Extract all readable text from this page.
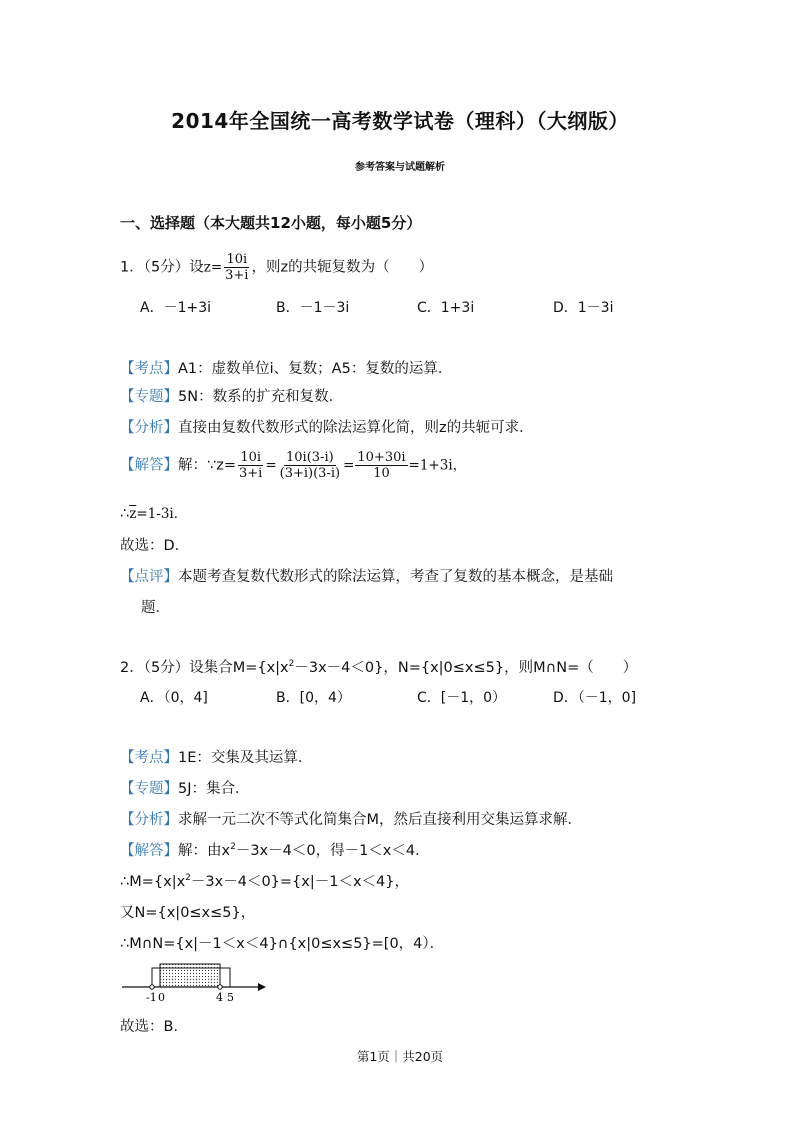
2014年全国统一高考数学试卷（理科）（大纲版）
参考答案与试题解析
一、选择题（本大题共12小题，每小题5分）
1．（5分）设$z= \frac{10i}{3+i}$ ，则z的共轭复数为（　　）
A．－1+3i	B．－1－3i	C．1+3i	D．1－3i
【考点】A1：虚数单位i、复数；A5：复数的运算．
【专题】5N：数系的扩充和复数．
【分析】直接由复数代数形式的除法运算化简，则z的共轭可求．
【解答】解：∵z= $\frac{10i}{3+i} = \frac{10i(3-i)}{(3+i)(3-i)} = \frac{10+30i}{10} =1+3i$，
$\therefore\overline{z}=1-3i$．
故选：D．
【点评】本题考查复数代数形式的除法运算，考查了复数的基本概念，是基础
题．
2．（5分）设集合$M=\{x|x^2-3x-4<0\}$，N={x|0≤x≤5}，则M∩N=（　　）
A．（0，4]	B．[0，4）	C．[－1，0）	D．（－1，0]
【考点】1E：交集及其运算．
【专题】5J：集合．
【分析】求解一元二次不等式化简集合M，然后直接利用交集运算求解．
【解答】解：由$x^2-3x-4<0$，得－1＜x＜4．
$\therefore M=\{x|x^2-3x-4<0\}=\{x|-1<x<4\}$，
又N={x|0≤x≤5}，
∴M∩N={x|－1＜x＜4}∩{x|0≤x≤5}=[0，4）．
-1 0	4 5
故选：B．
第1页｜共20页
